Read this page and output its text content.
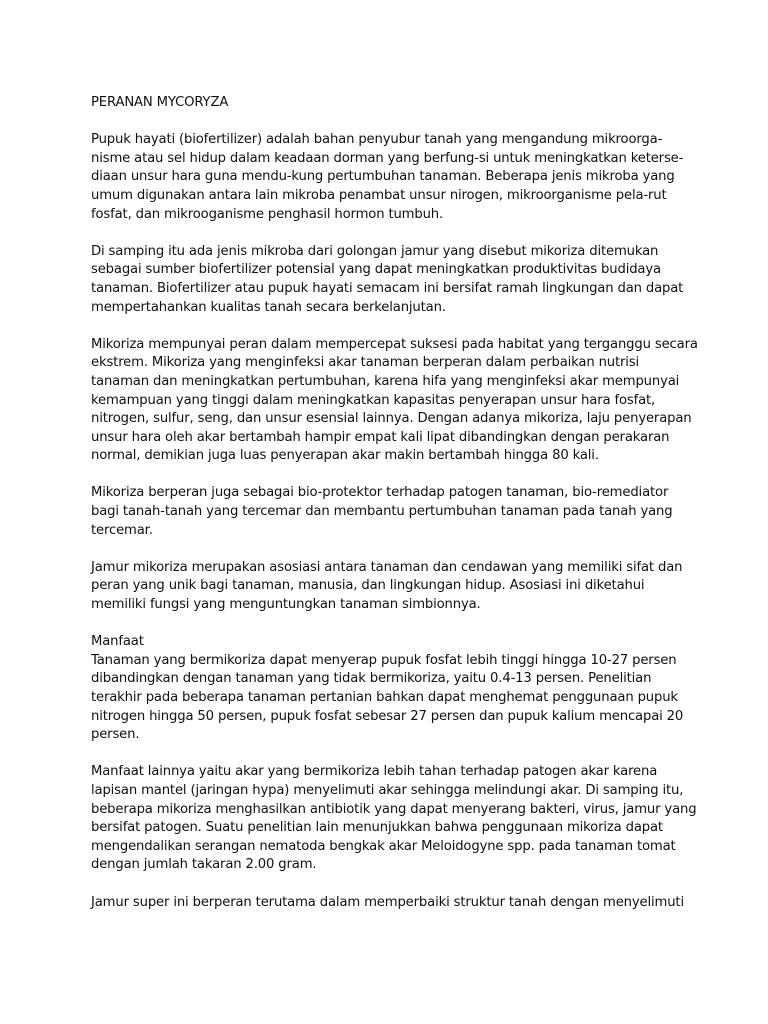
PERANAN MYCORYZA
Pupuk hayati (biofertilizer) adalah bahan penyubur tanah yang mengandung mikroorga-
nisme atau sel hidup dalam keadaan dorman yang berfung-si untuk meningkatkan keterse-
diaan unsur hara guna mendu-kung pertumbuhan tanaman. Beberapa jenis mikroba yang
umum digunakan antara lain mikroba penambat unsur nirogen, mikroorganisme pela-rut
fosfat, dan mikrooganisme penghasil hormon tumbuh.
Di samping itu ada jenis mikroba dari golongan jamur yang disebut mikoriza ditemukan
sebagai sumber biofertilizer potensial yang dapat meningkatkan produktivitas budidaya
tanaman. Biofertilizer atau pupuk hayati semacam ini bersifat ramah lingkungan dan dapat
mempertahankan kualitas tanah secara berkelanjutan.
Mikoriza mempunyai peran dalam mempercepat suksesi pada habitat yang terganggu secara
ekstrem. Mikoriza yang menginfeksi akar tanaman berperan dalam perbaikan nutrisi
tanaman dan meningkatkan pertumbuhan, karena hifa yang menginfeksi akar mempunyai
kemampuan yang tinggi dalam meningkatkan kapasitas penyerapan unsur hara fosfat,
nitrogen, sulfur, seng, dan unsur esensial lainnya. Dengan adanya mikoriza, laju penyerapan
unsur hara oleh akar bertambah hampir empat kali lipat dibandingkan dengan perakaran
normal, demikian juga luas penyerapan akar makin bertambah hingga 80 kali.
Mikoriza berperan juga sebagai bio-protektor terhadap patogen tanaman, bio-remediator
bagi tanah-tanah yang tercemar dan membantu pertumbuhan tanaman pada tanah yang
tercemar.
Jamur mikoriza merupakan asosiasi antara tanaman dan cendawan yang memiliki sifat dan
peran yang unik bagi tanaman, manusia, dan lingkungan hidup. Asosiasi ini diketahui
memiliki fungsi yang menguntungkan tanaman simbionnya.
Manfaat
Tanaman yang bermikoriza dapat menyerap pupuk fosfat lebih tinggi hingga 10-27 persen
dibandingkan dengan tanaman yang tidak bermikoriza, yaitu 0.4-13 persen. Penelitian
terakhir pada beberapa tanaman pertanian bahkan dapat menghemat penggunaan pupuk
nitrogen hingga 50 persen, pupuk fosfat sebesar 27 persen dan pupuk kalium mencapai 20
persen.
Manfaat lainnya yaitu akar yang bermikoriza lebih tahan terhadap patogen akar karena
lapisan mantel (jaringan hypa) menyelimuti akar sehingga melindungi akar. Di samping itu,
beberapa mikoriza menghasilkan antibiotik yang dapat menyerang bakteri, virus, jamur yang
bersifat patogen. Suatu penelitian lain menunjukkan bahwa penggunaan mikoriza dapat
mengendalikan serangan nematoda bengkak akar Meloidogyne spp. pada tanaman tomat
dengan jumlah takaran 2.00 gram.
Jamur super ini berperan terutama dalam memperbaiki struktur tanah dengan menyelimuti
